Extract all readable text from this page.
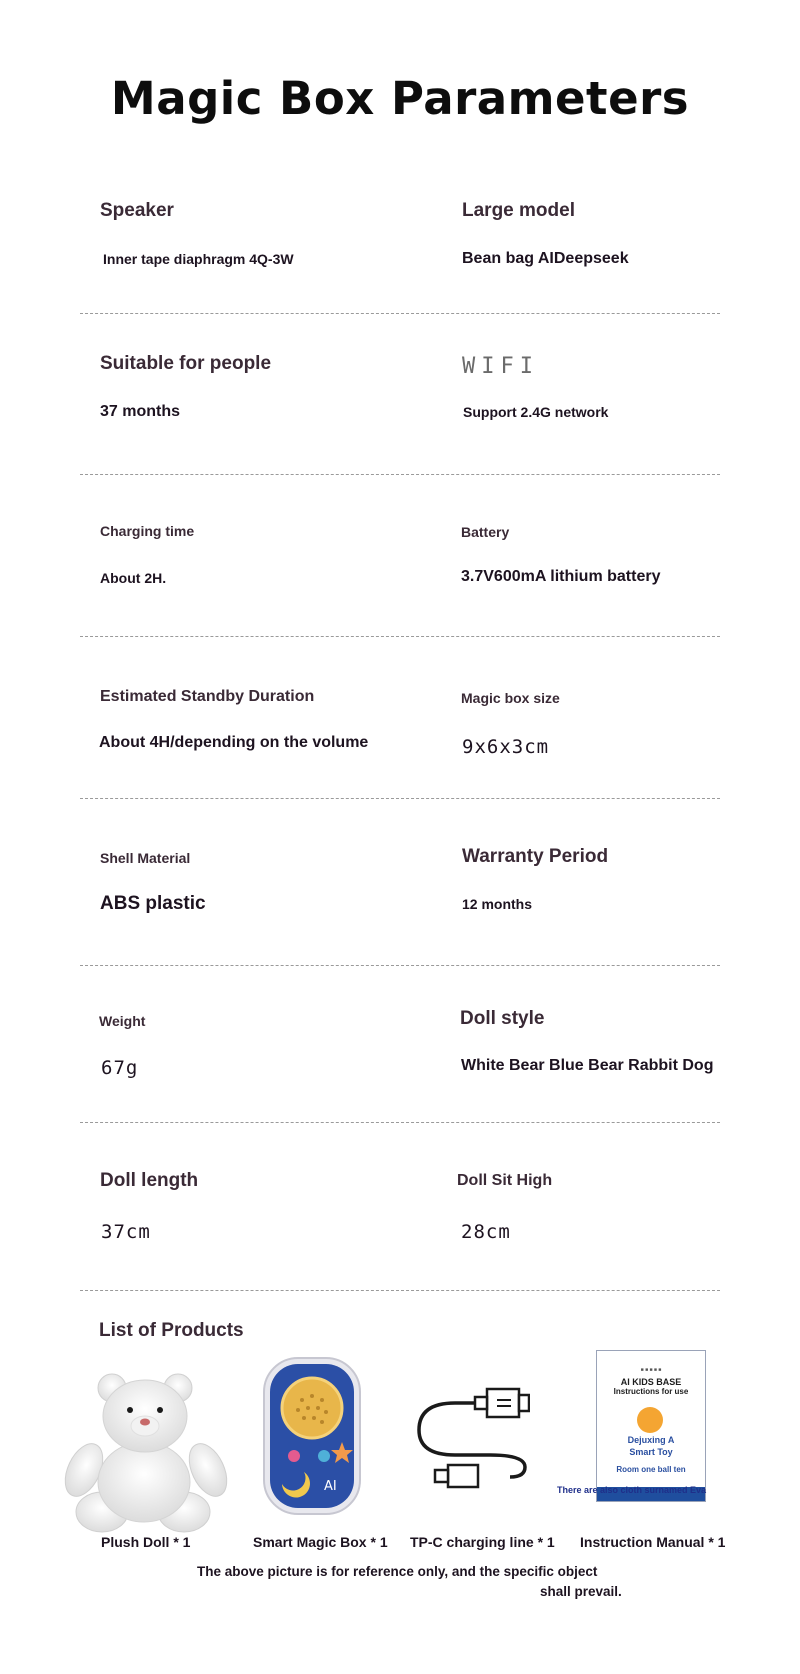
Magic Box Parameters
Speaker
Inner tape diaphragm 4Q-3W
Large model
Bean bag AIDeepseek
Suitable for people
37 months
WIFI
Support 2.4G network
Charging time
About 2H.
Battery
3.7V600mA lithium battery
Estimated Standby Duration
About 4H/depending on the volume
Magic box size
9x6x3cm
Shell Material
ABS plastic
Warranty Period
12 months
Weight
67g
Doll style
White Bear Blue Bear Rabbit Dog
Doll length
37cm
Doll Sit High
28cm
List of Products
AI
■ ■ ■ ■ ■
AI KIDS BASE
Instructions for use
Dejuxing A
Smart Toy
Room one ball ten
There are also cloth surnamed Eva
Plush Doll * 1	Smart Magic Box * 1 TP-C charging line * 1 Instruction Manual * 1
The above picture is for reference only, and the specific object
shall prevail.
